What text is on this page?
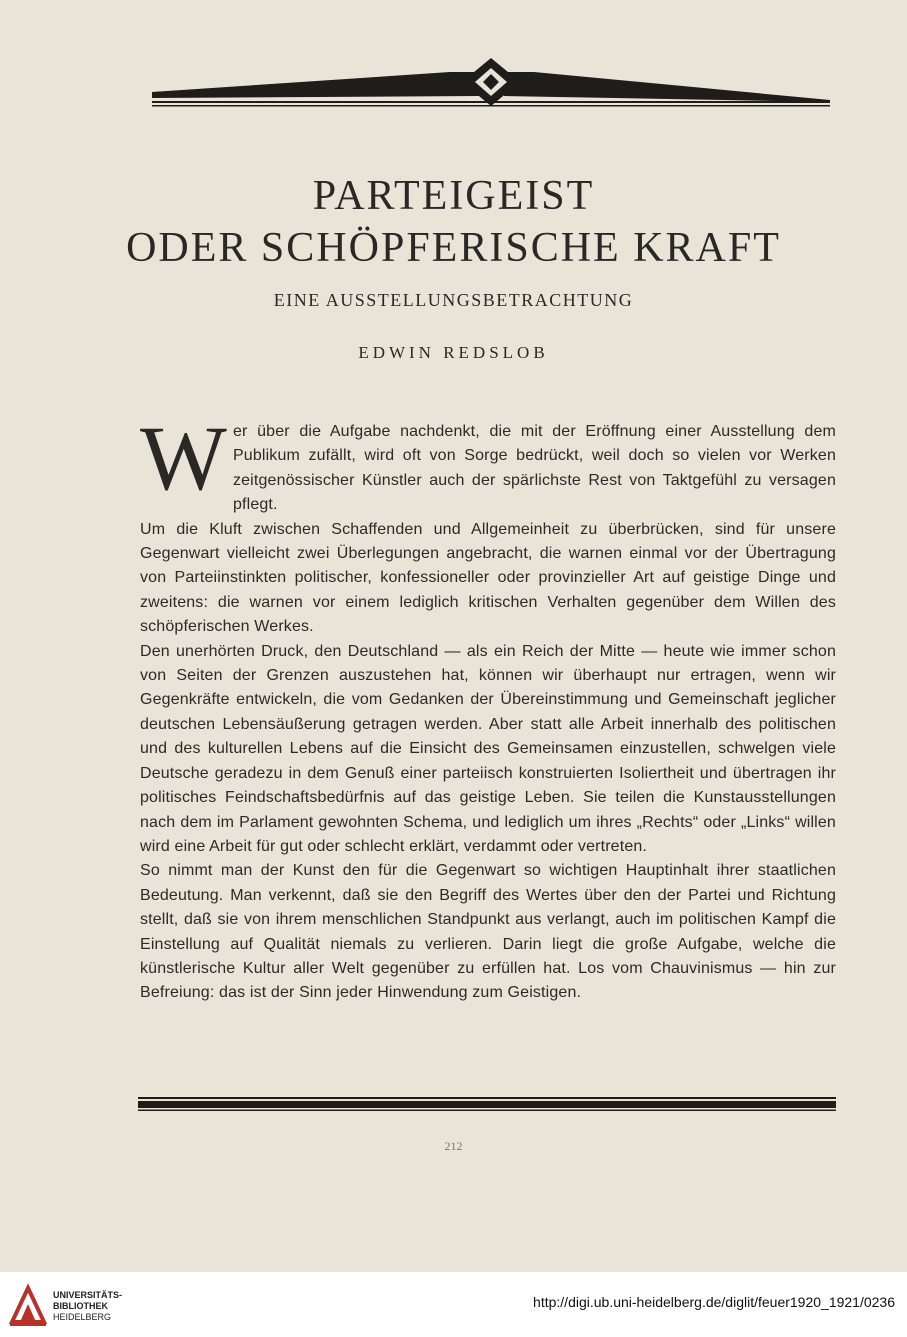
PARTEIGEIST
ODER SCHÖPFERISCHE KRAFT
EINE AUSSTELLUNGSBETRACHTUNG
EDWIN REDSLOB

Wer über die Aufgabe nachdenkt, die mit der Eröffnung einer Ausstellung dem Publikum zufällt, wird oft von Sorge bedrückt, weil doch so vielen vor Werken zeitgenössischer Künstler auch der spärlichste Rest von Taktgefühl zu versagen pflegt.

Um die Kluft zwischen Schaffenden und Allgemeinheit zu überbrücken, sind für unsere Gegenwart vielleicht zwei Überlegungen angebracht, die warnen einmal vor der Übertragung von Parteiinstinkten politischer, konfessioneller oder provinzieller Art auf geistige Dinge und zweitens: die warnen vor einem lediglich kritischen Verhalten gegenüber dem Willen des schöpferischen Werkes.

Den unerhörten Druck, den Deutschland — als ein Reich der Mitte — heute wie immer schon von Seiten der Grenzen auszustehen hat, können wir überhaupt nur ertragen, wenn wir Gegenkräfte entwickeln, die vom Gedanken der Übereinstimmung und Gemeinschaft jeglicher deutschen Lebensäußerung getragen werden. Aber statt alle Arbeit innerhalb des politischen und des kulturellen Lebens auf die Einsicht des Gemeinsamen einzustellen, schwelgen viele Deutsche geradezu in dem Genuß einer parteiisch konstruierten Isoliertheit und übertragen ihr politisches Feindschaftsbedürfnis auf das geistige Leben. Sie teilen die Kunstausstellungen nach dem im Parlament gewohnten Schema, und lediglich um ihres „Rechts“ oder „Links“ willen wird eine Arbeit für gut oder schlecht erklärt, verdammt oder vertreten.

So nimmt man der Kunst den für die Gegenwart so wichtigen Hauptinhalt ihrer staatlichen Bedeutung. Man verkennt, daß sie den Begriff des Wertes über den der Partei und Richtung stellt, daß sie von ihrem menschlichen Standpunkt aus verlangt, auch im politischen Kampf die Einstellung auf Qualität niemals zu verlieren. Darin liegt die große Aufgabe, welche die künstlerische Kultur aller Welt gegenüber zu erfüllen hat. Los vom Chauvinismus — hin zur Befreiung: das ist der Sinn jeder Hinwendung zum Geistigen.

212
UNIVERSITÄTS-
BIBLIOTHEK
HEIDELBERG
http://digi.ub.uni-heidelberg.de/diglit/feuer1920_1921/0236
